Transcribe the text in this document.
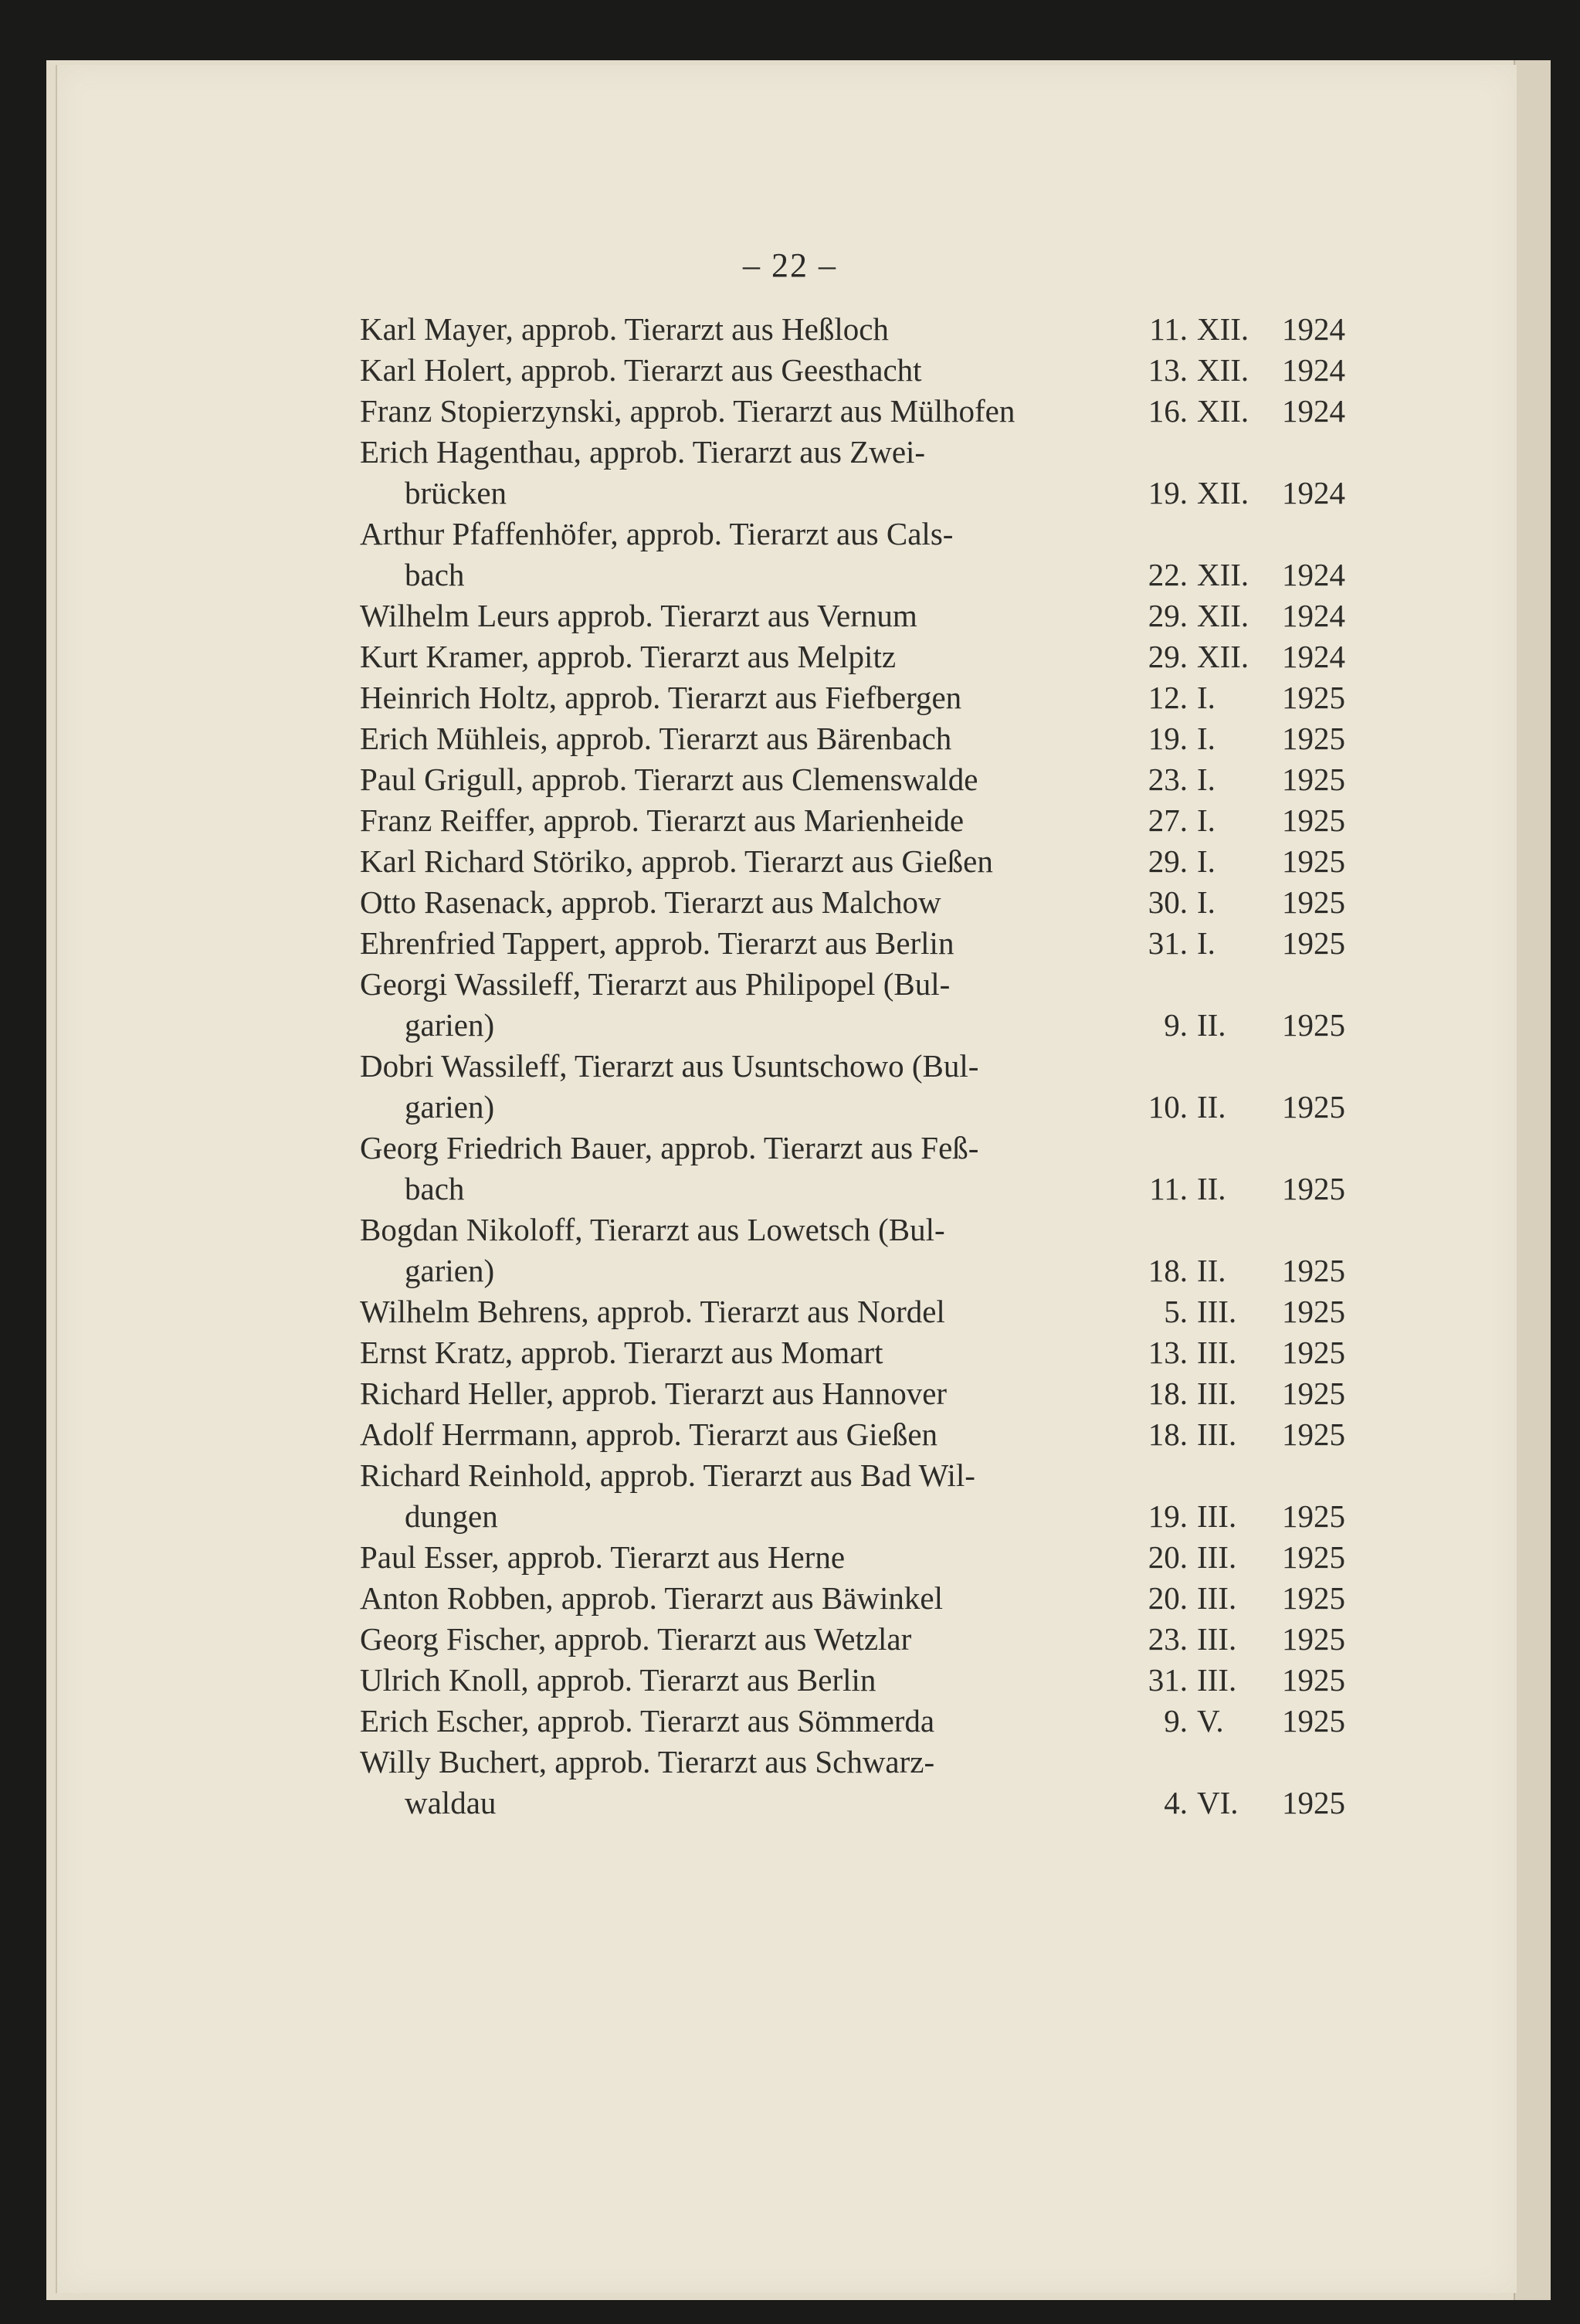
– 22 –
Karl Mayer, approb. Tierarzt aus Heßloch	11. XII.	1924
Karl Holert, approb. Tierarzt aus Geesthacht	13. XII.	1924
Franz Stopierzynski, approb. Tierarzt aus Mülhofen	16. XII.	1924
Erich Hagenthau, approb. Tierarzt aus Zwei-
brücken	19. XII.	1924
Arthur Pfaffenhöfer, approb. Tierarzt aus Cals-
bach	22. XII.	1924
Wilhelm Leurs approb. Tierarzt aus Vernum	29. XII.	1924
Kurt Kramer, approb. Tierarzt aus Melpitz	29. XII.	1924
Heinrich Holtz, approb. Tierarzt aus Fiefbergen	12. I.	1925
Erich Mühleis, approb. Tierarzt aus Bärenbach	19. I.	1925
Paul Grigull, approb. Tierarzt aus Clemenswalde	23. I.	1925
Franz Reiffer, approb. Tierarzt aus Marienheide	27. I.	1925
Karl Richard Störiko, approb. Tierarzt aus Gießen	29. I.	1925
Otto Rasenack, approb. Tierarzt aus Malchow	30. I.	1925
Ehrenfried Tappert, approb. Tierarzt aus Berlin	31. I.	1925
Georgi Wassileff, Tierarzt aus Philipopel (Bul-
garien)	9. II.	1925
Dobri Wassileff, Tierarzt aus Usuntschowo (Bul-
garien)	10. II.	1925
Georg Friedrich Bauer, approb. Tierarzt aus Feß-
bach	11. II.	1925
Bogdan Nikoloff, Tierarzt aus Lowetsch (Bul-
garien)	18. II.	1925
Wilhelm Behrens, approb. Tierarzt aus Nordel	5. III.	1925
Ernst Kratz, approb. Tierarzt aus Momart	13. III.	1925
Richard Heller, approb. Tierarzt aus Hannover	18. III.	1925
Adolf Herrmann, approb. Tierarzt aus Gießen	18. III.	1925
Richard Reinhold, approb. Tierarzt aus Bad Wil-
dungen	19. III.	1925
Paul Esser, approb. Tierarzt aus Herne	20. III.	1925
Anton Robben, approb. Tierarzt aus Bäwinkel	20. III.	1925
Georg Fischer, approb. Tierarzt aus Wetzlar	23. III.	1925
Ulrich Knoll, approb. Tierarzt aus Berlin	31. III.	1925
Erich Escher, approb. Tierarzt aus Sömmerda	9. V.	1925
Willy Buchert, approb. Tierarzt aus Schwarz-
waldau	4. VI.	1925
